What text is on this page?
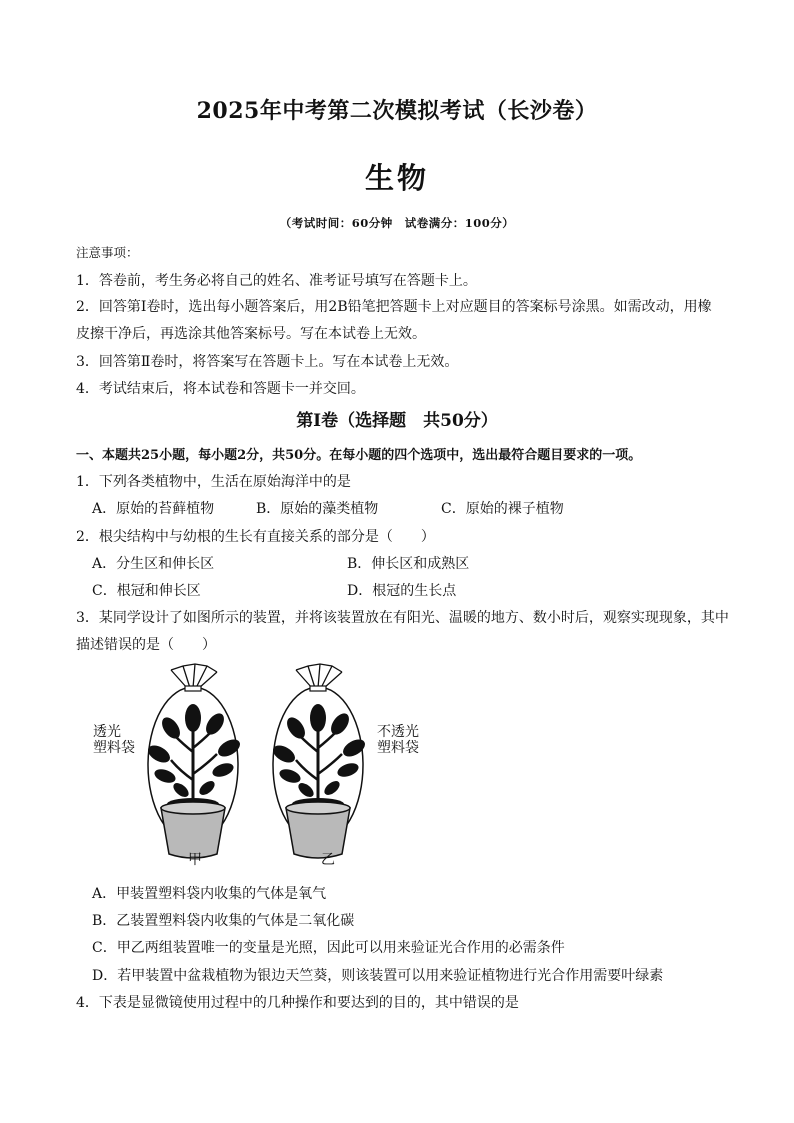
2025年中考第二次模拟考试（长沙卷）
生物
（考试时间：60分钟　试卷满分：100分）
注意事项：
1．答卷前，考生务必将自己的姓名、准考证号填写在答题卡上。
2．回答第Ⅰ卷时，选出每小题答案后，用2B铅笔把答题卡上对应题目的答案标号涂黑。如需改动，用橡
皮擦干净后，再选涂其他答案标号。写在本试卷上无效。
3．回答第Ⅱ卷时，将答案写在答题卡上。写在本试卷上无效。
4．考试结束后，将本试卷和答题卡一并交回。
第Ⅰ卷（选择题　共50分）
一、本题共25小题，每小题2分，共50分。在每小题的四个选项中，选出最符合题目要求的一项。
1．下列各类植物中，生活在原始海洋中的是
A．原始的苔藓植物	B．原始的藻类植物	C．原始的裸子植物
2．根尖结构中与幼根的生长有直接关系的部分是（　　）
A．分生区和伸长区	B．伸长区和成熟区
C．根冠和伸长区	D．根冠的生长点
3．某同学设计了如图所示的装置，并将该装置放在有阳光、温暖的地方、数小时后，观察实现现象，其中
描述错误的是（　　）
透光
塑料袋
不透光
塑料袋
甲	乙
A．甲装置塑料袋内收集的气体是氧气
B．乙装置塑料袋内收集的气体是二氧化碳
C．甲乙两组装置唯一的变量是光照，因此可以用来验证光合作用的必需条件
D．若甲装置中盆栽植物为银边天竺葵，则该装置可以用来验证植物进行光合作用需要叶绿素
4．下表是显微镜使用过程中的几种操作和要达到的目的，其中错误的是
